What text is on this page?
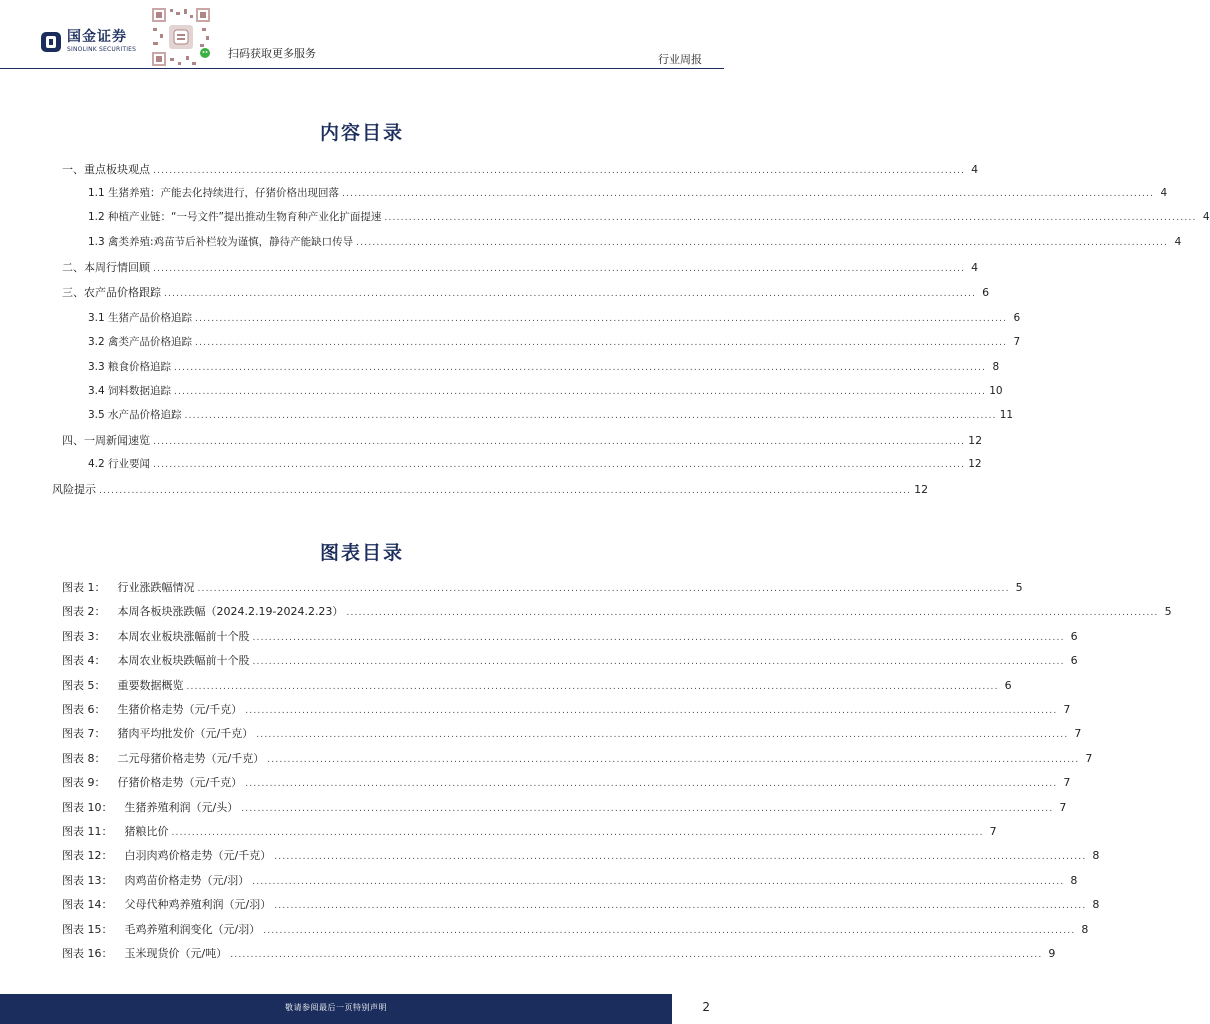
国金证券
SINOLINK SECURITIES	扫码获取更多服务	行业周报
内容目录
一、重点板块观点 ........................................................................................................................................................................................................ 4
1.1 生猪养殖：产能去化持续进行，仔猪价格出现回落 ........................................................................................................................................................................................................ 4
1.2 种植产业链：“一号文件”提出推动生物育种产业化扩面提速 ........................................................................................................................................................................................................ 4
1.3 禽类养殖:鸡苗节后补栏较为谨慎，静待产能缺口传导 ........................................................................................................................................................................................................ 4
二、本周行情回顾 ........................................................................................................................................................................................................ 4
三、农产品价格跟踪 ........................................................................................................................................................................................................ 6
3.1 生猪产品价格追踪 ........................................................................................................................................................................................................ 6
3.2 禽类产品价格追踪 ........................................................................................................................................................................................................ 7
3.3 粮食价格追踪 ........................................................................................................................................................................................................ 8
3.4 饲料数据追踪 ........................................................................................................................................................................................................ 10
3.5 水产品价格追踪 ........................................................................................................................................................................................................ 11
四、一周新闻速览 ........................................................................................................................................................................................................ 12
4.2 行业要闻 ........................................................................................................................................................................................................ 12
风险提示 ........................................................................................................................................................................................................ 12
图表目录
图表 1： 行业涨跌幅情况 ........................................................................................................................................................................................................ 5
图表 2： 本周各板块涨跌幅（2024.2.19-2024.2.23） ........................................................................................................................................................................................................ 5
图表 3： 本周农业板块涨幅前十个股 ........................................................................................................................................................................................................ 6
图表 4： 本周农业板块跌幅前十个股 ........................................................................................................................................................................................................ 6
图表 5： 重要数据概览 ........................................................................................................................................................................................................ 6
图表 6： 生猪价格走势（元/千克） ........................................................................................................................................................................................................ 7
图表 7： 猪肉平均批发价（元/千克） ........................................................................................................................................................................................................ 7
图表 8： 二元母猪价格走势（元/千克） ........................................................................................................................................................................................................ 7
图表 9： 仔猪价格走势（元/千克） ........................................................................................................................................................................................................ 7
图表 10： 生猪养殖利润（元/头） ........................................................................................................................................................................................................ 7
图表 11： 猪粮比价 ........................................................................................................................................................................................................ 7
图表 12： 白羽肉鸡价格走势（元/千克） ........................................................................................................................................................................................................ 8
图表 13： 肉鸡苗价格走势（元/羽） ........................................................................................................................................................................................................ 8
图表 14： 父母代种鸡养殖利润（元/羽） ........................................................................................................................................................................................................ 8
图表 15： 毛鸡养殖利润变化（元/羽） ........................................................................................................................................................................................................ 8
图表 16： 玉米现货价（元/吨） ........................................................................................................................................................................................................ 9
敬请参阅最后一页特别声明	2
